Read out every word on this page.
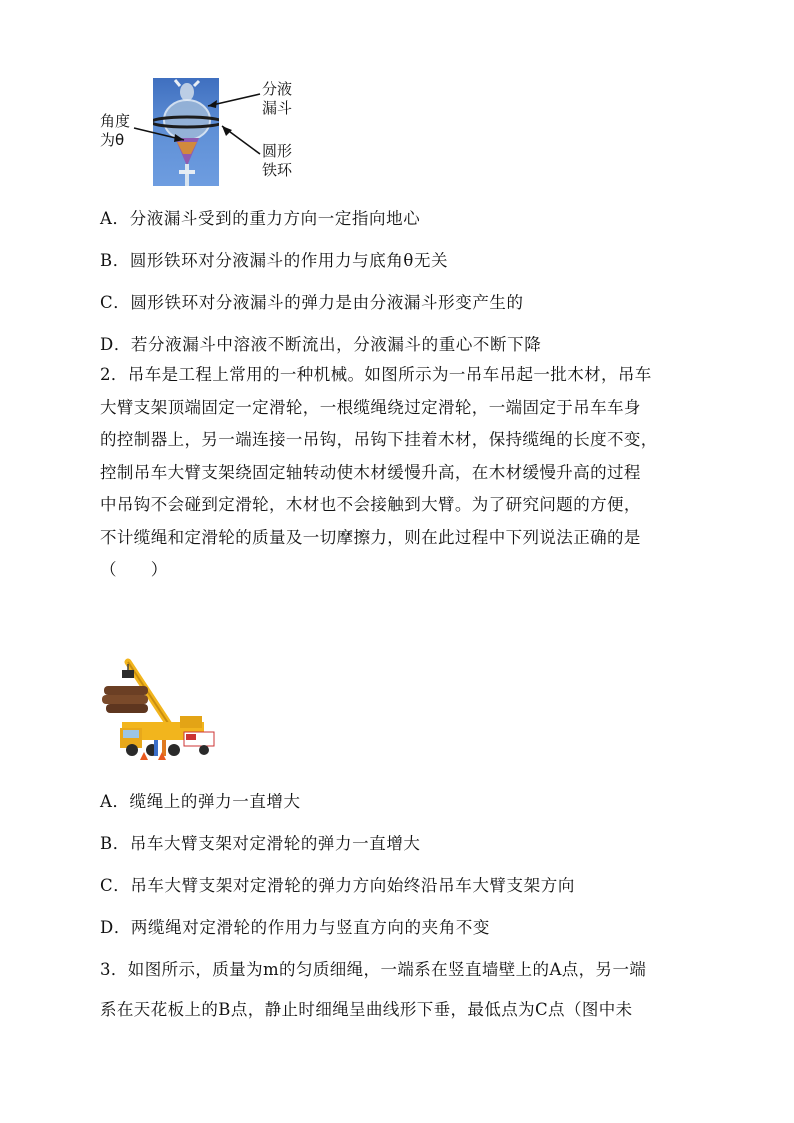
分液
漏斗
角度
为θ
圆形
铁环
A．分液漏斗受到的重力方向一定指向地心
B．圆形铁环对分液漏斗的作用力与底角θ无关
C．圆形铁环对分液漏斗的弹力是由分液漏斗形变产生的
D．若分液漏斗中溶液不断流出，分液漏斗的重心不断下降
2．吊车是工程上常用的一种机械。如图所示为一吊车吊起一批木材，吊车
大臂支架顶端固定一定滑轮，一根缆绳绕过定滑轮，一端固定于吊车车身
的控制器上，另一端连接一吊钩，吊钩下挂着木材，保持缆绳的长度不变，
控制吊车大臂支架绕固定轴转动使木材缓慢升高，在木材缓慢升高的过程
中吊钩不会碰到定滑轮，木材也不会接触到大臂。为了研究问题的方便，
不计缆绳和定滑轮的质量及一切摩擦力，则在此过程中下列说法正确的是
（　　）
A．缆绳上的弹力一直增大
B．吊车大臂支架对定滑轮的弹力一直增大
C．吊车大臂支架对定滑轮的弹力方向始终沿吊车大臂支架方向
D．两缆绳对定滑轮的作用力与竖直方向的夹角不变
3．如图所示，质量为m的匀质细绳，一端系在竖直墙壁上的A点，另一端
系在天花板上的B点，静止时细绳呈曲线形下垂，最低点为C点（图中未
